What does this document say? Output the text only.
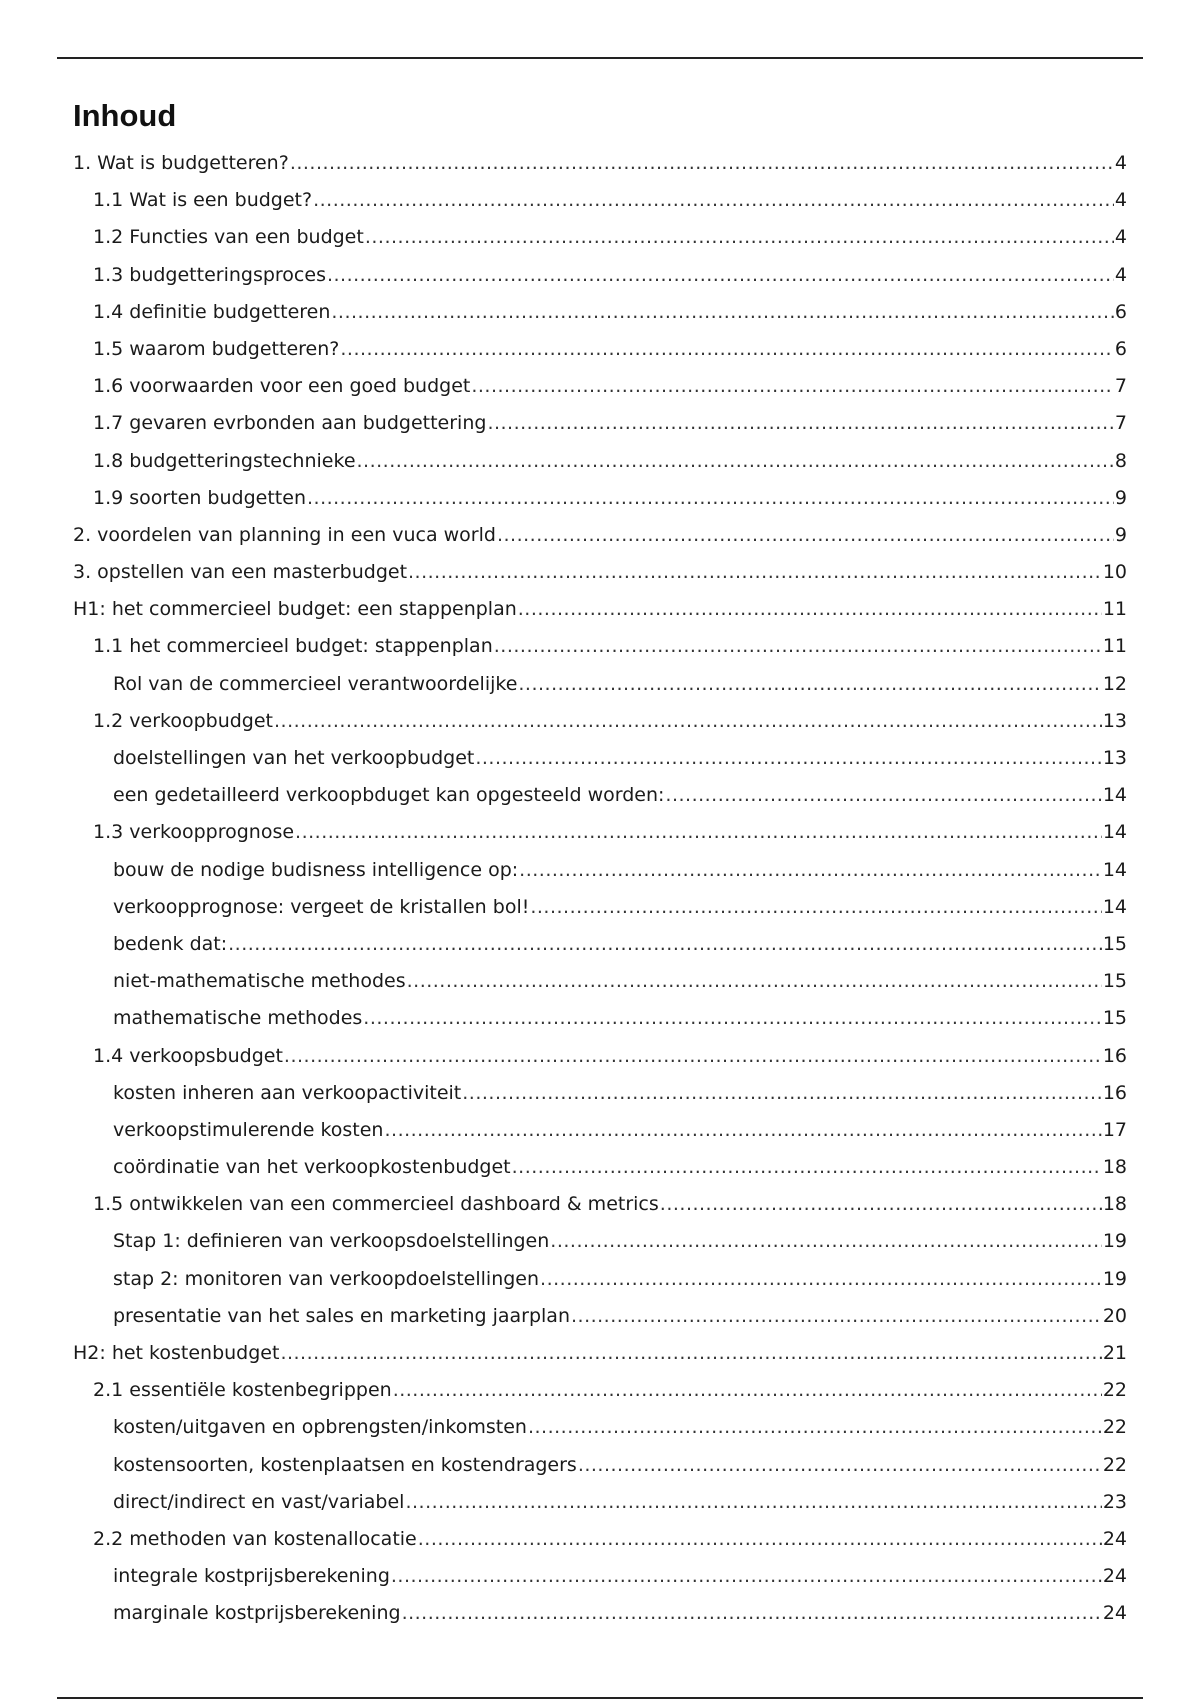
Inhoud
1. Wat is budgetteren? .....	4
1.1 Wat is een budget? .....	4
1.2 Functies van een budget .....	4
1.3 budgetteringsproces .....	4
1.4 definitie budgetteren .....	6
1.5 waarom budgetteren? .....	6
1.6 voorwaarden voor een goed budget .....	7
1.7 gevaren evrbonden aan budgettering .....	7
1.8 budgetteringstechnieke .....	8
1.9 soorten budgetten .....	9
2. voordelen van planning in een vuca world .....	9
3. opstellen van een masterbudget .....	10
H1: het commercieel budget: een stappenplan .....	11
1.1 het commercieel budget: stappenplan .....	11
Rol van de commercieel verantwoordelijke .....	12
1.2 verkoopbudget .....	13
doelstellingen van het verkoopbudget .....	13
een gedetailleerd verkoopbduget kan opgesteeld worden: .....	14
1.3 verkoopprognose .....	14
bouw de nodige budisness intelligence op: .....	14
verkoopprognose: vergeet de kristallen bol! .....	14
bedenk dat: .....	15
niet-mathematische methodes .....	15
mathematische methodes .....	15
1.4 verkoopsbudget .....	16
kosten inheren aan verkoopactiviteit .....	16
verkoopstimulerende kosten .....	17
coördinatie van het verkoopkostenbudget .....	18
1.5 ontwikkelen van een commercieel dashboard & metrics .....	18
Stap 1: definieren van verkoopsdoelstellingen .....	19
stap 2: monitoren van verkoopdoelstellingen .....	19
presentatie van het sales en marketing jaarplan .....	20
H2: het kostenbudget .....	21
2.1 essentiële kostenbegrippen .....	22
kosten/uitgaven en opbrengsten/inkomsten .....	22
kostensoorten, kostenplaatsen en kostendragers .....	22
direct/indirect en vast/variabel .....	23
2.2 methoden van kostenallocatie .....	24
integrale kostprijsberekening .....	24
marginale kostprijsberekening .....	24
